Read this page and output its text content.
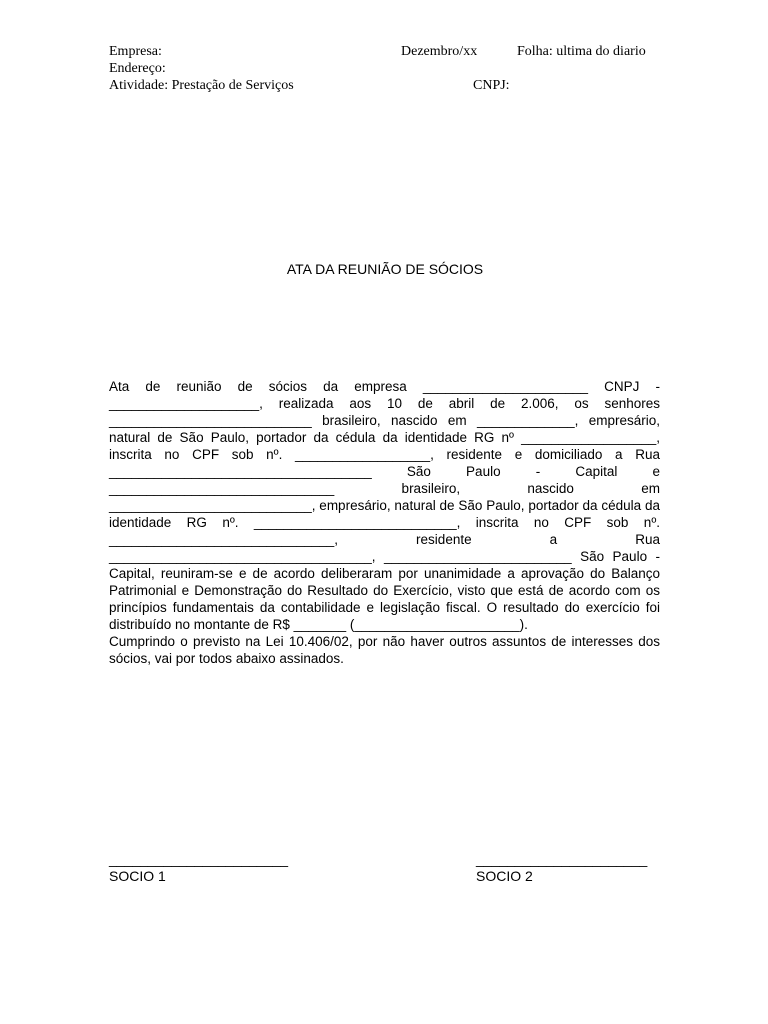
Empresa:	Dezembro/xx	Folha: ultima do diario
Endereço:
Atividade: Prestação de Serviços	CNPJ:
ATA DA REUNIÃO DE SÓCIOS

Ata de reunião de sócios da empresa ______________________ CNPJ -____________________, realizada aos 10 de abril de 2.006, os senhores ___________________________ brasileiro, nascido em _____________, empresário, natural de São Paulo, portador da cédula da identidade RG nº __________________, inscrita no CPF sob nº. __________________, residente e domiciliado a Rua ___________________________________ São Paulo - Capital e ______________________________ brasileiro, nascido em ___________________________, empresário, natural de São Paulo, portador da cédula da identidade RG nº. ___________________________, inscrita no CPF sob nº. ______________________________, residente a Rua ___________________________________, _________________________ São Paulo - Capital, reuniram-se e de acordo deliberaram por unanimidade a aprovação do Balanço Patrimonial e Demonstração do Resultado do Exercício, visto que está de acordo com os princípios fundamentais da contabilidade e legislação fiscal. O resultado do exercício foi distribuído no montante de R$ _______ (______________________).

Cumprindo o previsto na Lei 10.406/02, por não haver outros assuntos de interesses dos sócios, vai por todos abaixo assinados.

_______________________
SOCIO 1
______________________
SOCIO 2
